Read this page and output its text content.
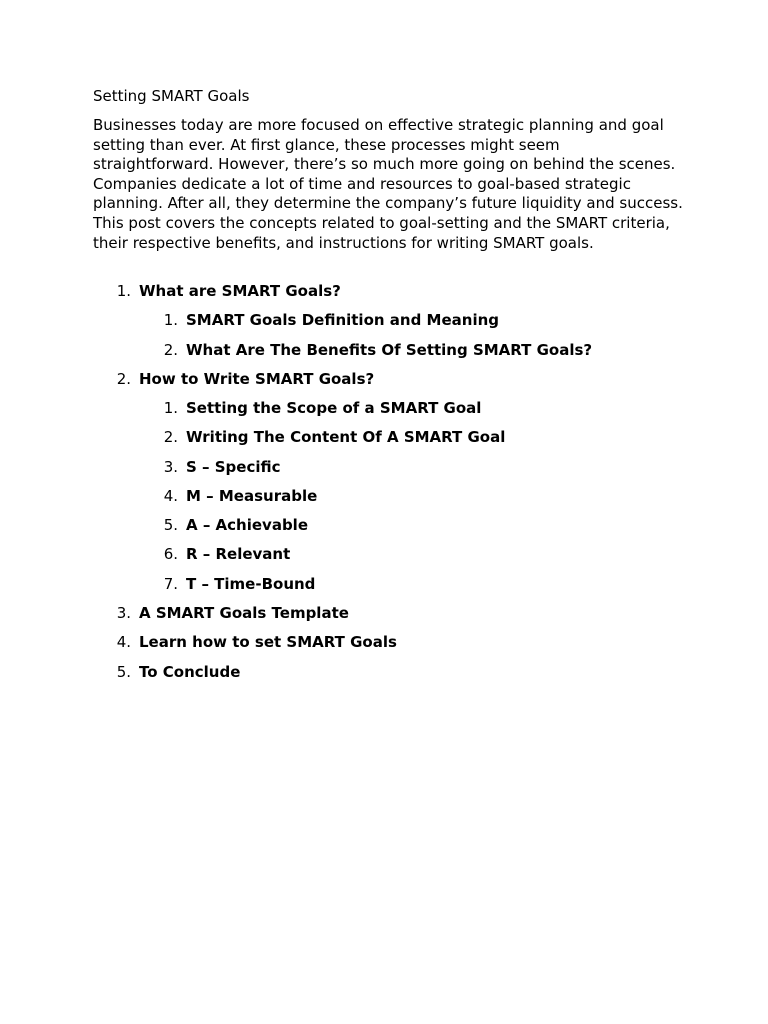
Setting SMART Goals

Businesses today are more focused on effective strategic planning and goal setting than ever. At first glance, these processes might seem straightforward. However, there’s so much more going on behind the scenes. Companies dedicate a lot of time and resources to goal-based strategic planning. After all, they determine the company’s future liquidity and success. This post covers the concepts related to goal-setting and the SMART criteria, their respective benefits, and instructions for writing SMART goals.

1. What are SMART Goals?
1. SMART Goals Definition and Meaning
2. What Are The Benefits Of Setting SMART Goals?
2. How to Write SMART Goals?
1. Setting the Scope of a SMART Goal
2. Writing The Content Of A SMART Goal
3. S – Specific
4. M – Measurable
5. A – Achievable
6. R – Relevant
7. T – Time-Bound
3. A SMART Goals Template
4. Learn how to set SMART Goals
5. To Conclude
